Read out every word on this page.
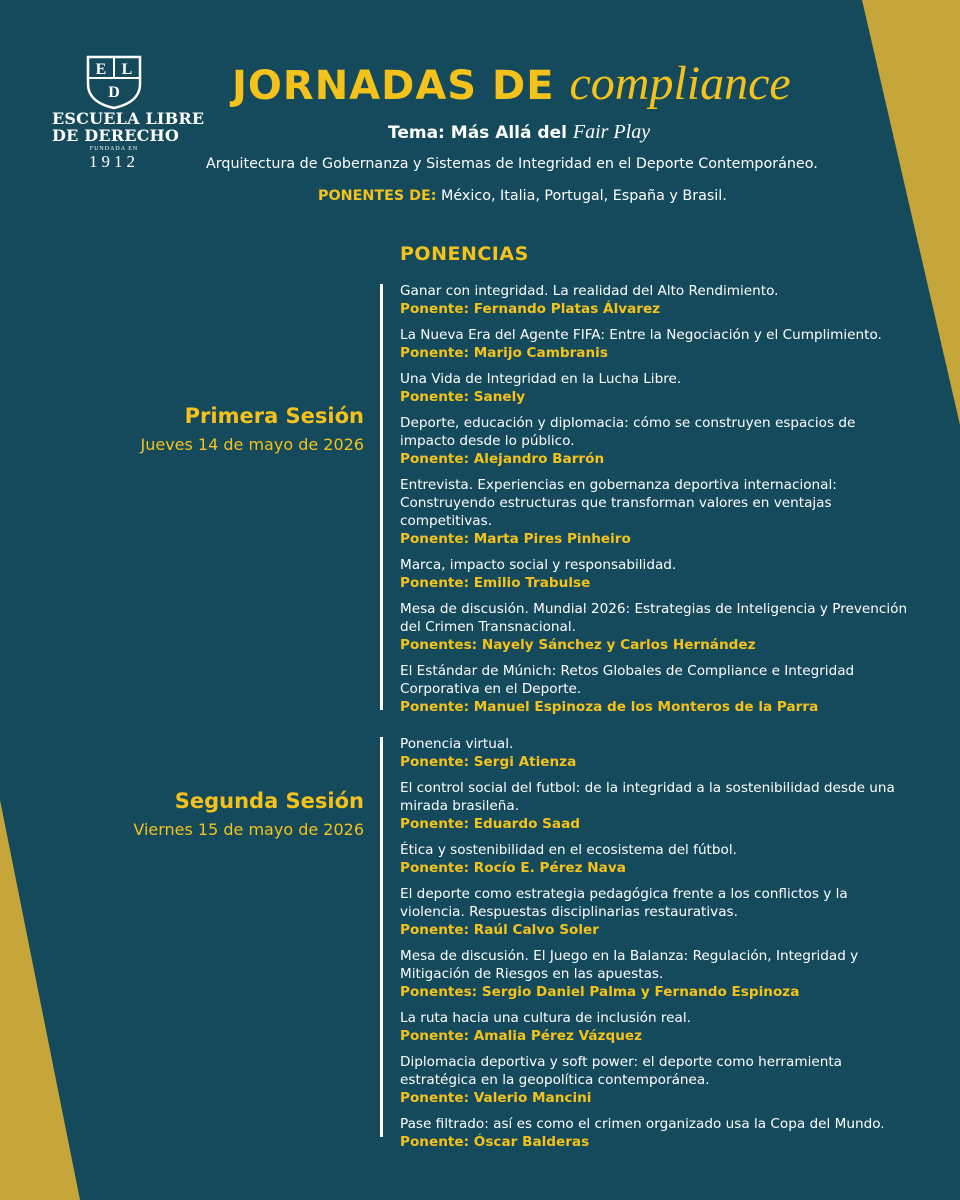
E L
D
ESCUELA LIBRE
DE DERECHO
FUNDADA EN
1912
JORNADAS DE compliance
Tema: Más Allá del Fair Play
Arquitectura de Gobernanza y Sistemas de Integridad en el Deporte Contemporáneo.
PONENTES DE: México, Italia, Portugal, España y Brasil.
PONENCIAS
Primera Sesión
Jueves 14 de mayo de 2026
Ganar con integridad. La realidad del Alto Rendimiento.
Ponente: Fernando Platas Álvarez
La Nueva Era del Agente FIFA: Entre la Negociación y el Cumplimiento.
Ponente: Marijo Cambranis
Una Vida de Integridad en la Lucha Libre.
Ponente: Sanely
Deporte, educación y diplomacia: cómo se construyen espacios de impacto desde lo público.
Ponente: Alejandro Barrón
Entrevista. Experiencias en gobernanza deportiva internacional: Construyendo estructuras que transforman valores en ventajas competitivas.
Ponente: Marta Pires Pinheiro
Marca, impacto social y responsabilidad.
Ponente: Emilio Trabulse
Mesa de discusión. Mundial 2026: Estrategias de Inteligencia y Prevención del Crimen Transnacional.
Ponentes: Nayely Sánchez y Carlos Hernández
El Estándar de Múnich: Retos Globales de Compliance e Integridad Corporativa en el Deporte.
Ponente: Manuel Espinoza de los Monteros de la Parra
Segunda Sesión
Viernes 15 de mayo de 2026
Ponencia virtual.
Ponente: Sergi Atienza
El control social del futbol: de la integridad a la sostenibilidad desde una mirada brasileña.
Ponente: Eduardo Saad
Ética y sostenibilidad en el ecosistema del fútbol.
Ponente: Rocío E. Pérez Nava
El deporte como estrategia pedagógica frente a los conflictos y la violencia. Respuestas disciplinarias restaurativas.
Ponente: Raúl Calvo Soler
Mesa de discusión. El Juego en la Balanza: Regulación, Integridad y Mitigación de Riesgos en las apuestas.
Ponentes: Sergio Daniel Palma y Fernando Espinoza
La ruta hacia una cultura de inclusión real.
Ponente: Amalia Pérez Vázquez
Diplomacia deportiva y soft power: el deporte como herramienta estratégica en la geopolítica contemporánea.
Ponente: Valerio Mancini
Pase filtrado: así es como el crimen organizado usa la Copa del Mundo.
Ponente: Óscar Balderas
